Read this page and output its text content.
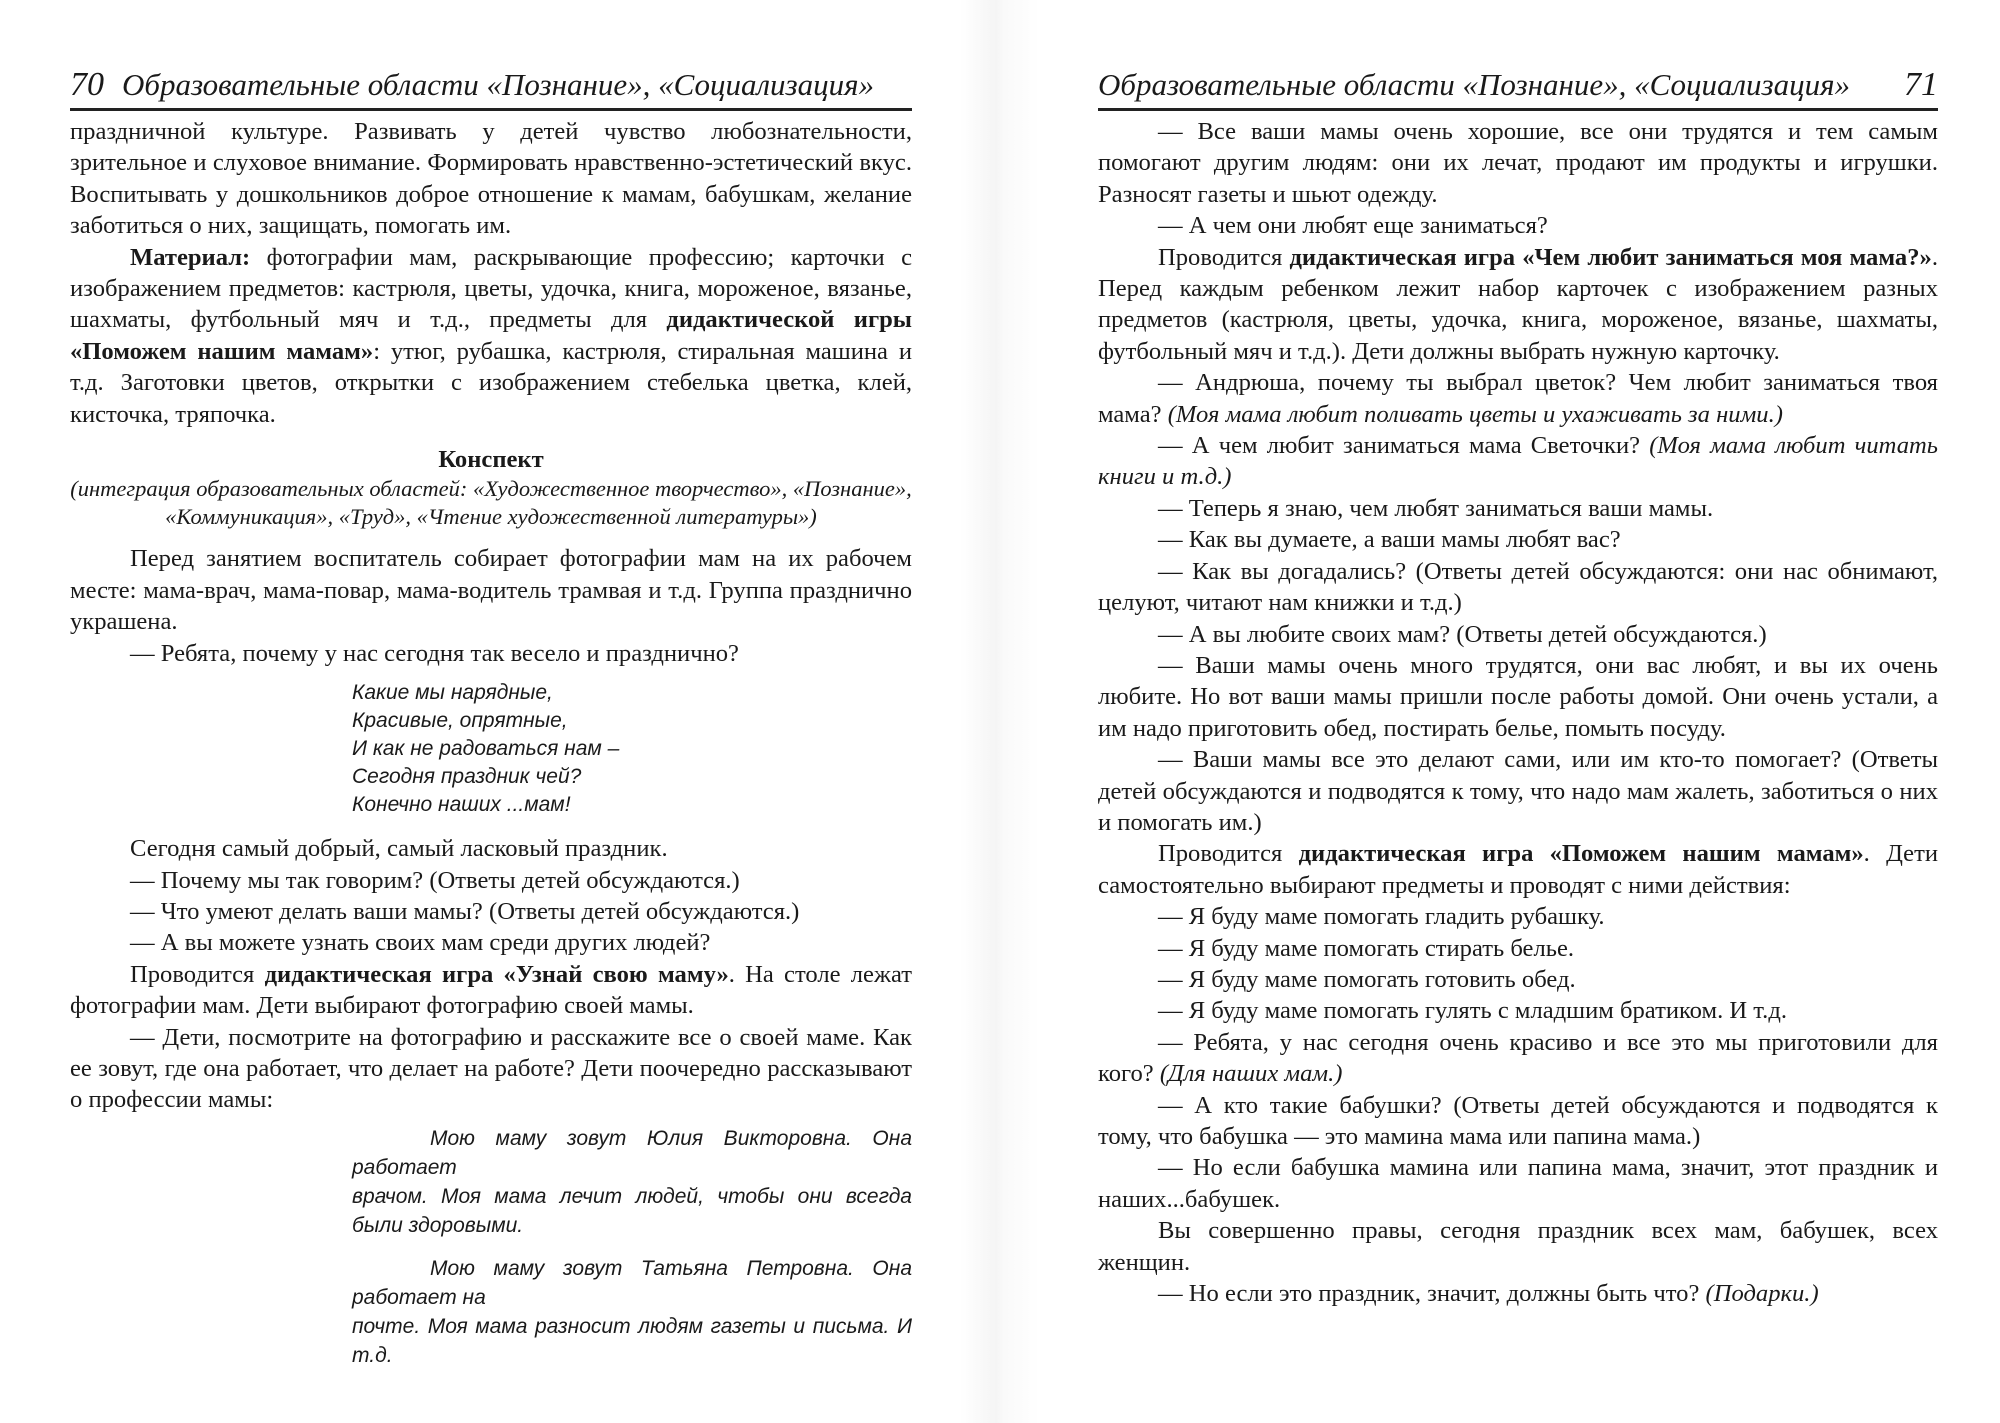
70 Образовательные области «Познание», «Социализация»

праздничной культуре. Развивать у детей чувство любознательности, зрительное и слуховое внимание. Формировать нравственно-эстетический вкус. Воспитывать у дошкольников доброе отношение к мамам, бабушкам, желание заботиться о них, защищать, помогать им.

Материал: фотографии мам, раскрывающие профессию; карточки с изображением предметов: кастрюля, цветы, удочка, книга, мороженое, вязанье, шахматы, футбольный мяч и т.д., предметы для дидактической игры «Поможем нашим мамам»: утюг, рубашка, кастрюля, стиральная машина и т.д. Заготовки цветов, открытки с изображением стебелька цветка, клей, кисточка, тряпочка.

Конспект

(интеграция образовательных областей: «Художественное творчество», «Познание», «Коммуникация», «Труд», «Чтение художественной литературы»)

Перед занятием воспитатель собирает фотографии мам на их рабочем месте: мама-врач, мама-повар, мама-водитель трамвая и т.д. Группа празднично украшена.

— Ребята, почему у нас сегодня так весело и празднично?

Какие мы нарядные,
Красивые, опрятные,
И как не радоваться нам –
Сегодня праздник чей?
Конечно наших ...мам!

Сегодня самый добрый, самый ласковый праздник.

— Почему мы так говорим? (Ответы детей обсуждаются.)

— Что умеют делать ваши мамы? (Ответы детей обсуждаются.)

— А вы можете узнать своих мам среди других людей?

Проводится дидактическая игра «Узнай свою маму». На столе лежат фотографии мам. Дети выбирают фотографию своей мамы.

— Дети, посмотрите на фотографию и расскажите все о своей маме. Как ее зовут, где она работает, что делает на работе? Дети поочередно рассказывают о профессии мамы:

Мою маму зовут Юлия Викторовна. Она работает
врачом. Моя мама лечит людей, чтобы они всегда были здоровыми.

Мою маму зовут Татьяна Петровна. Она работает на
почте. Моя мама разносит людям газеты и письма. И т.д.

Образовательные области «Познание», «Социализация» 71

— Все ваши мамы очень хорошие, все они трудятся и тем самым помогают другим людям: они их лечат, продают им продукты и игрушки. Разносят газеты и шьют одежду.

— А чем они любят еще заниматься?

Проводится дидактическая игра «Чем любит заниматься моя мама?». Перед каждым ребенком лежит набор карточек с изображением разных предметов (кастрюля, цветы, удочка, книга, мороженое, вязанье, шахматы, футбольный мяч и т.д.). Дети должны выбрать нужную карточку.

— Андрюша, почему ты выбрал цветок? Чем любит заниматься твоя мама? (Моя мама любит поливать цветы и ухаживать за ними.)

— А чем любит заниматься мама Светочки? (Моя мама любит читать книги и т.д.)

— Теперь я знаю, чем любят заниматься ваши мамы.

— Как вы думаете, а ваши мамы любят вас?

— Как вы догадались? (Ответы детей обсуждаются: они нас обнимают, целуют, читают нам книжки и т.д.)

— А вы любите своих мам? (Ответы детей обсуждаются.)

— Ваши мамы очень много трудятся, они вас любят, и вы их очень любите. Но вот ваши мамы пришли после работы домой. Они очень устали, а им надо приготовить обед, постирать белье, помыть посуду.

— Ваши мамы все это делают сами, или им кто-то помогает? (Ответы детей обсуждаются и подводятся к тому, что надо мам жалеть, заботиться о них и помогать им.)

Проводится дидактическая игра «Поможем нашим мамам». Дети самостоятельно выбирают предметы и проводят с ними действия:

— Я буду маме помогать гладить рубашку.

— Я буду маме помогать стирать белье.

— Я буду маме помогать готовить обед.

— Я буду маме помогать гулять с младшим братиком. И т.д.

— Ребята, у нас сегодня очень красиво и все это мы приготовили для кого? (Для наших мам.)

— А кто такие бабушки? (Ответы детей обсуждаются и подводятся к тому, что бабушка — это мамина мама или папина мама.)

— Но если бабушка мамина или папина мама, значит, этот праздник и наших...бабушек.

Вы совершенно правы, сегодня праздник всех мам, бабушек, всех женщин.

— Но если это праздник, значит, должны быть что? (Подарки.)
